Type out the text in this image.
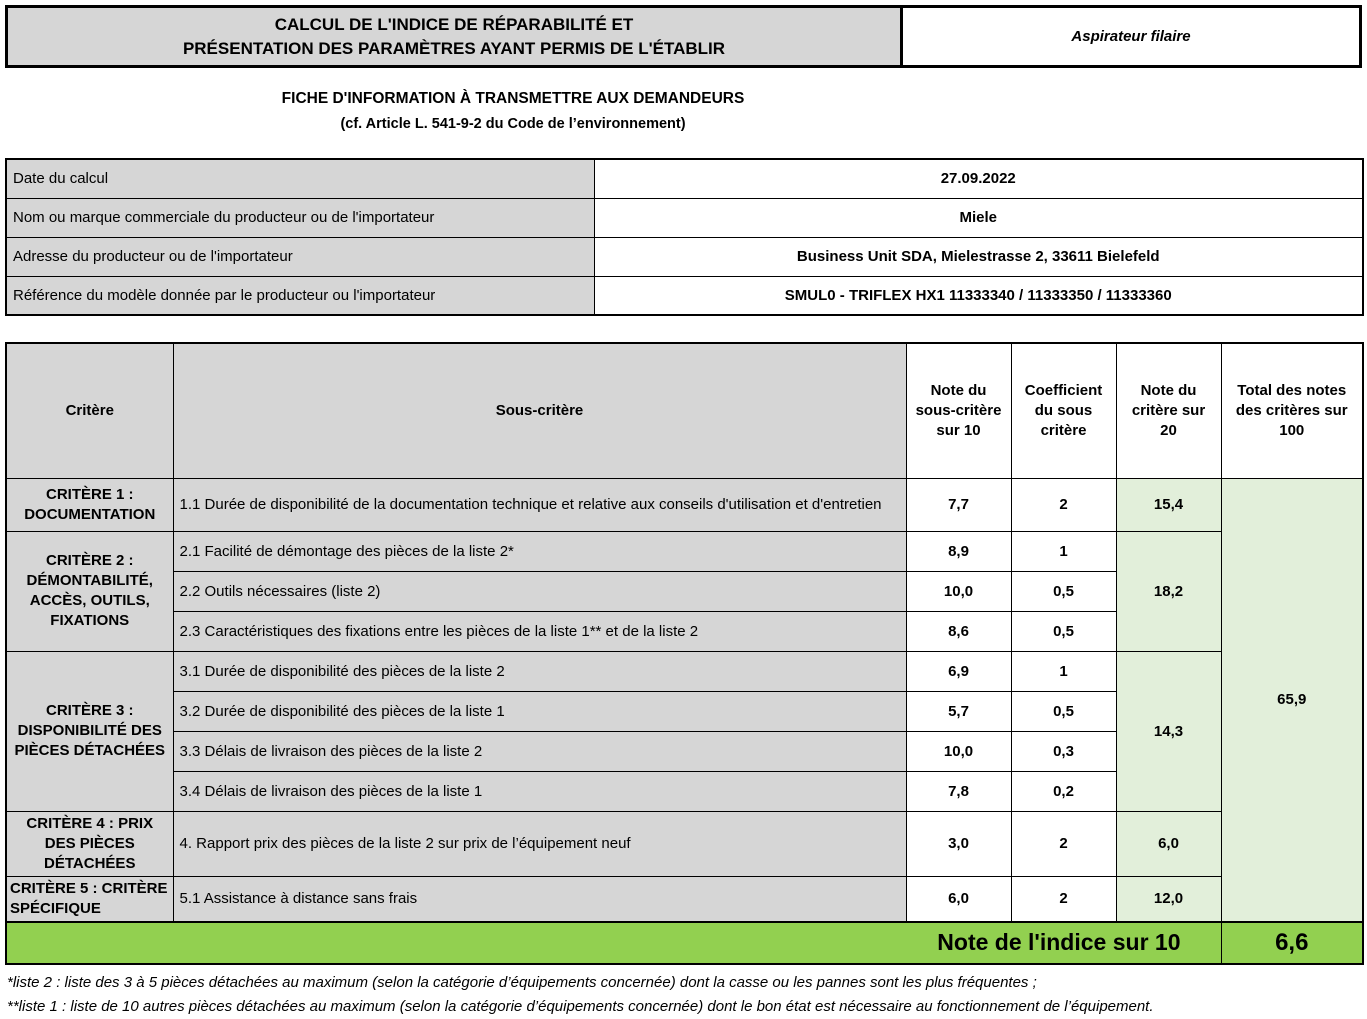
CALCUL DE L'INDICE DE RÉPARABILITÉ ET
PRÉSENTATION DES PARAMÈTRES AYANT PERMIS DE L'ÉTABLIR
Aspirateur filaire
FICHE D'INFORMATION À TRANSMETTRE AUX DEMANDEURS
(cf. Article L. 541-9-2 du Code de l’environnement)
Date du calcul	27.09.2022
Nom ou marque commerciale du producteur ou de l'importateur	Miele
Adresse du producteur ou de l'importateur	Business Unit SDA, Mielestrasse 2, 33611 Bielefeld
Référence du modèle donnée par le producteur ou l'importateur	SMUL0 - TRIFLEX HX1 11333340 / 11333350 / 11333360
Critère	Sous-critère	Note du sous-critère sur 10	Coefficient du sous critère	Note du critère sur 20	Total des notes des critères sur 100
CRITÈRE 1 : DOCUMENTATION	1.1 Durée de disponibilité de la documentation technique et relative aux conseils d'utilisation et d'entretien	7,7	2	15,4	65,9
CRITÈRE 2 : DÉMONTABILITÉ, ACCÈS, OUTILS, FIXATIONS	2.1 Facilité de démontage des pièces de la liste 2*	8,9	1	18,2	
	2.2 Outils nécessaires (liste 2)	10,0	0,5		
	2.3 Caractéristiques des fixations entre les pièces de la liste 1** et de la liste 2	8,6	0,5		
CRITÈRE 3 : DISPONIBILITÉ DES PIÈCES DÉTACHÉES	3.1 Durée de disponibilité des pièces de la liste 2	6,9	1	14,3	
	3.2 Durée de disponibilité des pièces de la liste 1	5,7	0,5		
	3.3 Délais de livraison des pièces de la liste 2	10,0	0,3		
	3.4 Délais de livraison des pièces de la liste 1	7,8	0,2		
CRITÈRE 4 : PRIX DES PIÈCES DÉTACHÉES	4. Rapport prix des pièces de la liste 2 sur prix de l’équipement neuf	3,0	2	6,0	
CRITÈRE 5 : CRITÈRE SPÉCIFIQUE	5.1 Assistance à distance sans frais	6,0	2	12,0	
Note de l'indice sur 10					6,6
*liste 2 : liste des 3 à 5 pièces détachées au maximum (selon la catégorie d’équipements concernée) dont la casse ou les pannes sont les plus fréquentes ;
**liste 1 : liste de 10 autres pièces détachées au maximum (selon la catégorie d’équipements concernée) dont le bon état est nécessaire au fonctionnement de l’équipement.
